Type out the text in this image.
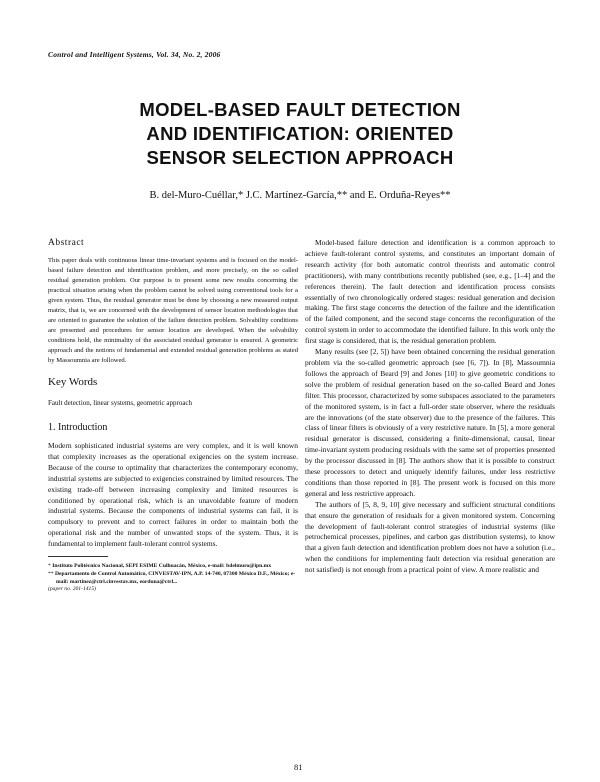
Control and Intelligent Systems, Vol. 34, No. 2, 2006
MODEL-BASED FAULT DETECTION
AND IDENTIFICATION: ORIENTED
SENSOR SELECTION APPROACH
B. del-Muro-Cuéllar,* J.C. Martínez-García,** and E. Orduña-Reyes**
Abstract

This paper deals with continuous linear time-invariant systems and is focused on the model-based failure detection and identification problem, and more precisely, on the so called residual generation problem. Our purpose is to present some new results concerning the practical situation arising when the problem cannot be solved using conventional tools for a given system. Thus, the residual generator must be done by choosing a new measured output matrix, that is, we are concerned with the development of sensor location methodologies that are oriented to guarantee the solution of the failure detection problem. Solvability conditions are presented and procedures for sensor location are developed. When the solvability conditions hold, the minimality of the associated residual generator is ensured. A geometric approach and the notions of fundamental and extended residual generation problems as stated by Massoumnia are followed.

Key Words

Fault detection, linear systems, geometric approach

1. Introduction

Modern sophisticated industrial systems are very complex, and it is well known that complexity increases as the operational exigencies on the system increase. Because of the course to optimality that characterizes the contemporary economy, industrial systems are subjected to exigencies constrained by limited resources. The existing trade-off between increasing complexity and limited resources is conditioned by operational risk, which is an unavoidable feature of modern industrial systems. Because the components of industrial systems can fail, it is compulsory to prevent and to correct failures in order to maintain both the operational risk and the number of unwanted stops of the system. Thus, it is fundamental to implement fault-tolerant control systems.

* Instituto Politécnico Nacional, SEPI ESIME Culhuacán, México, e-mail: bdelmuro@ipn.mx

** Departamento de Control Automático, CINVESTAV-IPN, A.P. 14-740, 07300 México D.F., México; e-mail: martinez@ctrl.cinvestav.mx, eorduna@ctrl...

(paper no. 201-1415)

Model-based failure detection and identification is a common approach to achieve fault-tolerant control systems, and constitutes an important domain of research activity (for both automatic control theorists and automatic control practitioners), with many contributions recently published (see, e.g., [1–4] and the references therein). The fault detection and identification process consists essentially of two chronologically ordered stages: residual generation and decision making. The first stage concerns the detection of the failure and the identification of the failed component, and the second stage concerns the reconfiguration of the control system in order to accommodate the identified failure. In this work only the first stage is considered, that is, the residual generation problem.

Many results (see [2, 5]) have been obtained concerning the residual generation problem via the so-called geometric approach (see [6, 7]). In [8], Massoumnia follows the approach of Beard [9] and Jones [10] to give geometric conditions to solve the problem of residual generation based on the so-called Beard and Jones filter. This processor, characterized by some subspaces associated to the parameters of the monitored system, is in fact a full-order state observer, where the residuals are the innovations (of the state observer) due to the presence of the failures. This class of linear filters is obviously of a very restrictive nature. In [5], a more general residual generator is discussed, considering a finite-dimensional, causal, linear time-invariant system producing residuals with the same set of properties presented by the processor discussed in [8]. The authors show that it is possible to construct these processors to detect and uniquely identify failures, under less restrictive conditions than those reported in [8]. The present work is focused on this more general and less restrictive approach.

The authors of [5, 8, 9, 10] give necessary and sufficient structural conditions that ensure the generation of residuals for a given monitored system. Concerning the development of fault-tolerant control strategies of industrial systems (like petrochemical processes, pipelines, and carbon gas distribution systems), to know that a given fault detection and identification problem does not have a solution (i.e., when the conditions for implementing fault detection via residual generation are not satisfied) is not enough from a practical point of view. A more realistic and

81
